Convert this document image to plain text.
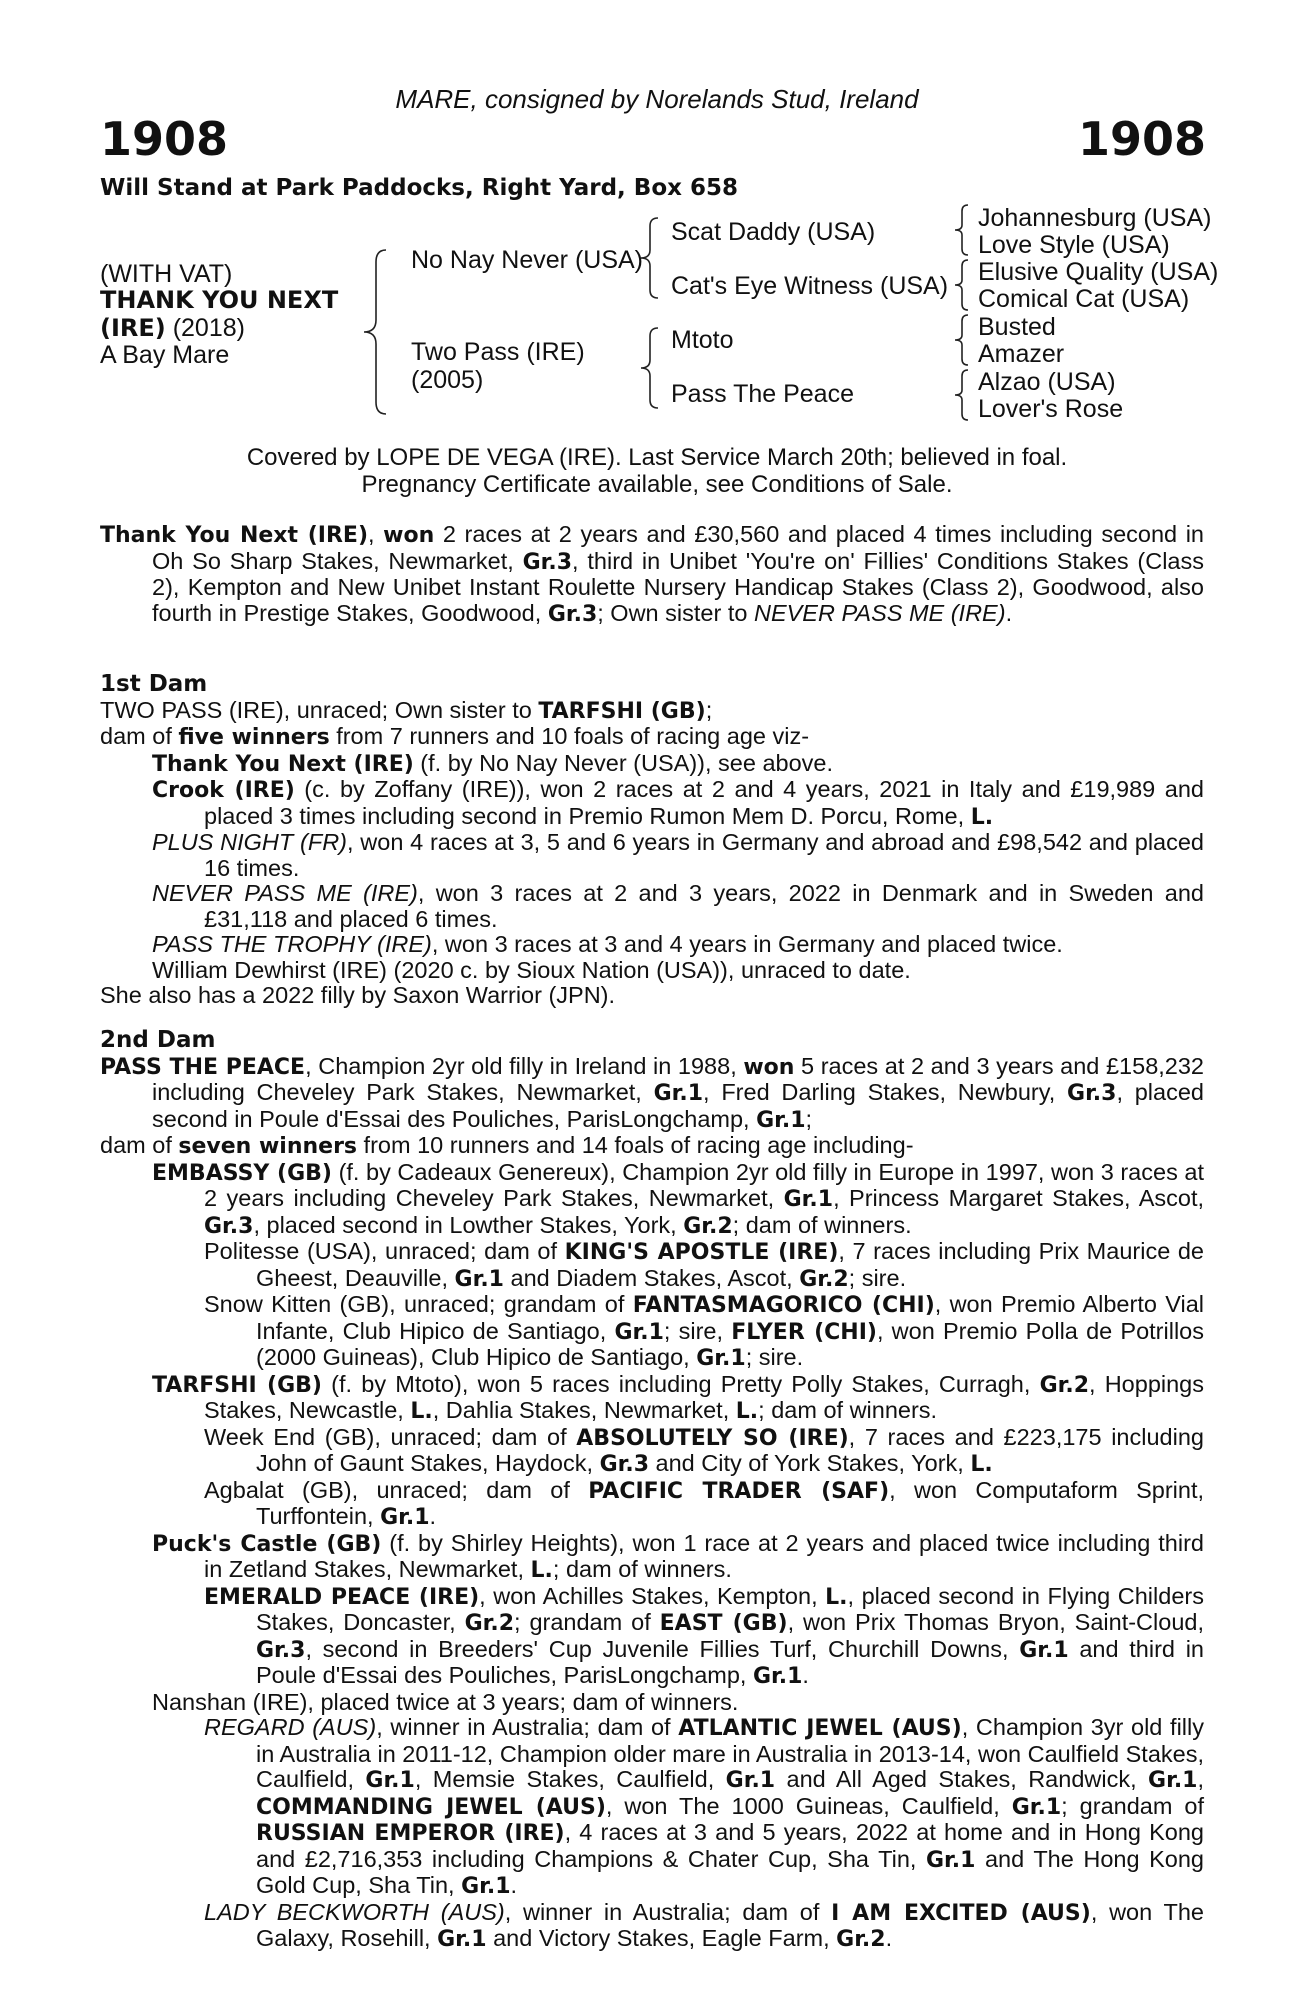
MARE, consigned by Norelands Stud, Ireland
1908	1908
Will Stand at Park Paddocks, Right Yard, Box 658
(WITH VAT)
THANK YOU NEXT
(IRE) (2018)
A Bay Mare
No Nay Never (USA)
Two Pass (IRE)
(2005)
Scat Daddy (USA)
Cat's Eye Witness (USA)
Mtoto
Pass The Peace
Johannesburg (USA)
Love Style (USA)
Elusive Quality (USA)
Comical Cat (USA)
Busted
Amazer
Alzao (USA)
Lover's Rose
Covered by LOPE DE VEGA (IRE). Last Service March 20th; believed in foal.
Pregnancy Certificate available, see Conditions of Sale.

Thank You Next (IRE), won 2 races at 2 years and £30,560 and placed 4 times including second in Oh So Sharp Stakes, Newmarket, Gr.3, third in Unibet 'You're on' Fillies' Conditions Stakes (Class 2), Kempton and New Unibet Instant Roulette Nursery Handicap Stakes (Class 2), Goodwood, also fourth in Prestige Stakes, Goodwood, Gr.3; Own sister to NEVER PASS ME (IRE).

1st Dam

TWO PASS (IRE), unraced; Own sister to TARFSHI (GB);

dam of five winners from 7 runners and 10 foals of racing age viz-

Thank You Next (IRE) (f. by No Nay Never (USA)), see above.

Crook (IRE) (c. by Zoffany (IRE)), won 2 races at 2 and 4 years, 2021 in Italy and £19,989 and placed 3 times including second in Premio Rumon Mem D. Porcu, Rome, L.

PLUS NIGHT (FR), won 4 races at 3, 5 and 6 years in Germany and abroad and £98,542 and placed 16 times.

NEVER PASS ME (IRE), won 3 races at 2 and 3 years, 2022 in Denmark and in Sweden and £31,118 and placed 6 times.

PASS THE TROPHY (IRE), won 3 races at 3 and 4 years in Germany and placed twice.

William Dewhirst (IRE) (2020 c. by Sioux Nation (USA)), unraced to date.

She also has a 2022 filly by Saxon Warrior (JPN).

2nd Dam

PASS THE PEACE, Champion 2yr old filly in Ireland in 1988, won 5 races at 2 and 3 years and £158,232 including Cheveley Park Stakes, Newmarket, Gr.1, Fred Darling Stakes, Newbury, Gr.3, placed second in Poule d'Essai des Pouliches, ParisLongchamp, Gr.1;

dam of seven winners from 10 runners and 14 foals of racing age including-

EMBASSY (GB) (f. by Cadeaux Genereux), Champion 2yr old filly in Europe in 1997, won 3 races at 2 years including Cheveley Park Stakes, Newmarket, Gr.1, Princess Margaret Stakes, Ascot, Gr.3, placed second in Lowther Stakes, York, Gr.2; dam of winners.

Politesse (USA), unraced; dam of KING'S APOSTLE (IRE), 7 races including Prix Maurice de Gheest, Deauville, Gr.1 and Diadem Stakes, Ascot, Gr.2; sire.

Snow Kitten (GB), unraced; grandam of FANTASMAGORICO (CHI), won Premio Alberto Vial Infante, Club Hipico de Santiago, Gr.1; sire, FLYER (CHI), won Premio Polla de Potrillos (2000 Guineas), Club Hipico de Santiago, Gr.1; sire.

TARFSHI (GB) (f. by Mtoto), won 5 races including Pretty Polly Stakes, Curragh, Gr.2, Hoppings Stakes, Newcastle, L., Dahlia Stakes, Newmarket, L.; dam of winners.

Week End (GB), unraced; dam of ABSOLUTELY SO (IRE), 7 races and £223,175 including John of Gaunt Stakes, Haydock, Gr.3 and City of York Stakes, York, L.

Agbalat (GB), unraced; dam of PACIFIC TRADER (SAF), won Computaform Sprint, Turffontein, Gr.1.

Puck's Castle (GB) (f. by Shirley Heights), won 1 race at 2 years and placed twice including third in Zetland Stakes, Newmarket, L.; dam of winners.

EMERALD PEACE (IRE), won Achilles Stakes, Kempton, L., placed second in Flying Childers Stakes, Doncaster, Gr.2; grandam of EAST (GB), won Prix Thomas Bryon, Saint-Cloud, Gr.3, second in Breeders' Cup Juvenile Fillies Turf, Churchill Downs, Gr.1 and third in Poule d'Essai des Pouliches, ParisLongchamp, Gr.1.

Nanshan (IRE), placed twice at 3 years; dam of winners.

REGARD (AUS), winner in Australia; dam of ATLANTIC JEWEL (AUS), Champion 3yr old filly in Australia in 2011-12, Champion older mare in Australia in 2013-14, won Caulfield Stakes, Caulfield, Gr.1, Memsie Stakes, Caulfield, Gr.1 and All Aged Stakes, Randwick, Gr.1, COMMANDING JEWEL (AUS), won The 1000 Guineas, Caulfield, Gr.1; grandam of RUSSIAN EMPEROR (IRE), 4 races at 3 and 5 years, 2022 at home and in Hong Kong and £2,716,353 including Champions & Chater Cup, Sha Tin, Gr.1 and The Hong Kong Gold Cup, Sha Tin, Gr.1.

LADY BECKWORTH (AUS), winner in Australia; dam of I AM EXCITED (AUS), won The Galaxy, Rosehill, Gr.1 and Victory Stakes, Eagle Farm, Gr.2.
